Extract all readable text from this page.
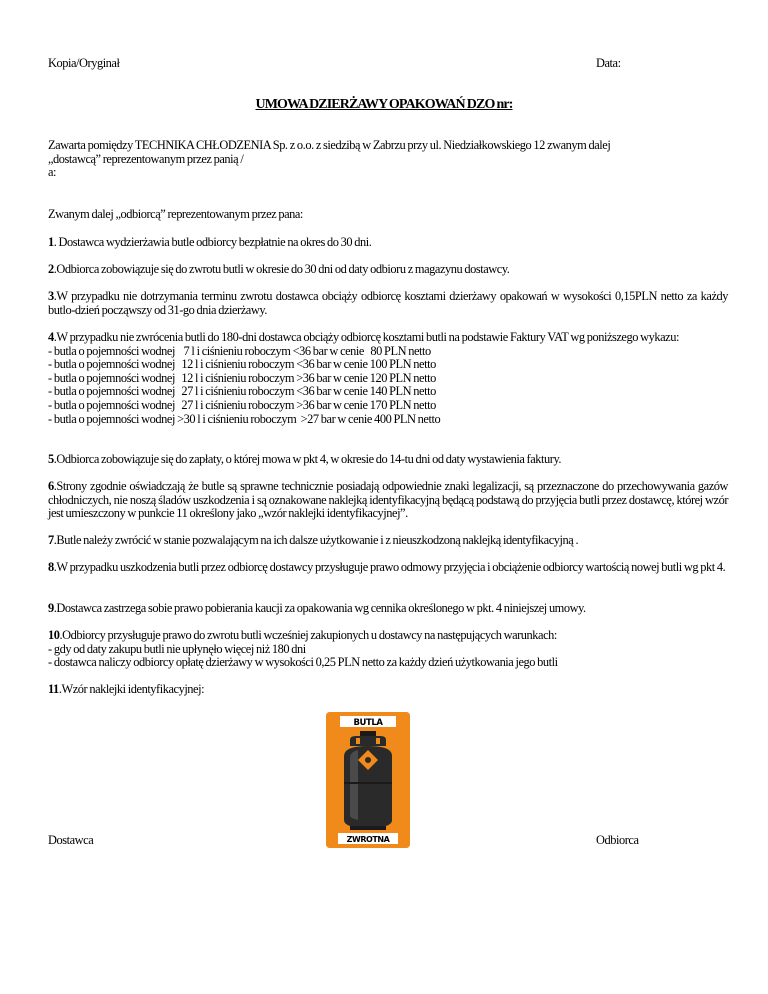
Kopia/Oryginał	Data:
UMOWA DZIERŻAWY OPAKOWAŃ DZO nr:
Zawarta pomiędzy TECHNIKA CHŁODZENIA Sp. z o.o. z siedzibą w Zabrzu przy ul. Niedziałkowskiego 12 zwanym dalej
„dostawcą” reprezentowanym przez panią /
a:
Zwanym dalej „odbiorcą” reprezentowanym przez pana:
1. Dostawca wydzierżawia butle odbiorcy bezpłatnie na okres do 30 dni.
2.Odbiorca zobowiązuje się do zwrotu butli w okresie do 30 dni od daty odbioru z magazynu dostawcy.
3.W przypadku nie dotrzymania terminu zwrotu dostawca obciąży odbiorcę kosztami dzierżawy opakowań w wysokości 0,15PLN netto za każdy butlo-dzień począwszy od 31-go dnia dzierżawy.
4.W przypadku nie zwrócenia butli do 180-dni dostawca obciąży odbiorcę kosztami butli na podstawie Faktury VAT wg poniższego wykazu:
- butla o pojemności wodnej    7 l i ciśnieniu roboczym <36 bar w cenie   80 PLN netto
- butla o pojemności wodnej   12 l i ciśnieniu roboczym <36 bar w cenie 100 PLN netto
- butla o pojemności wodnej   12 l i ciśnieniu roboczym >36 bar w cenie 120 PLN netto
- butla o pojemności wodnej   27 l i ciśnieniu roboczym <36 bar w cenie 140 PLN netto
- butla o pojemności wodnej   27 l i ciśnieniu roboczym >36 bar w cenie 170 PLN netto
- butla o pojemności wodnej >30 l i ciśnieniu roboczym  >27 bar w cenie 400 PLN netto
5.Odbiorca zobowiązuje się do zapłaty, o której mowa w pkt 4, w okresie do 14-tu dni od daty wystawienia faktury.
6.Strony zgodnie oświadczają że butle są sprawne technicznie posiadają odpowiednie znaki legalizacji, są przeznaczone do przechowywania gazów chłodniczych, nie noszą śladów uszkodzenia i są oznakowane naklejką identyfikacyjną będącą podstawą do przyjęcia butli przez dostawcę, której wzór jest umieszczony w punkcie 11 określony jako „wzór naklejki identyfikacyjnej”.
7.Butle należy zwrócić w stanie pozwalającym na ich dalsze użytkowanie i z nieuszkodzoną naklejką identyfikacyjną .
8.W przypadku uszkodzenia butli przez odbiorcę dostawcy przysługuje prawo odmowy przyjęcia i obciążenie odbiorcy wartością nowej butli wg pkt 4.
9.Dostawca zastrzega sobie prawo pobierania kaucji za opakowania wg cennika określonego w pkt. 4 niniejszej umowy.
10.Odbiorcy przysługuje prawo do zwrotu butli wcześniej zakupionych u dostawcy na następujących warunkach:
- gdy od daty zakupu butli nie upłynęło więcej niż 180 dni
- dostawca naliczy odbiorcy opłatę dzierżawy w wysokości 0,25 PLN netto za każdy dzień użytkowania jego butli
11.Wzór naklejki identyfikacyjnej:
BUTLA
ZWROTNA
Dostawca	Odbiorca
